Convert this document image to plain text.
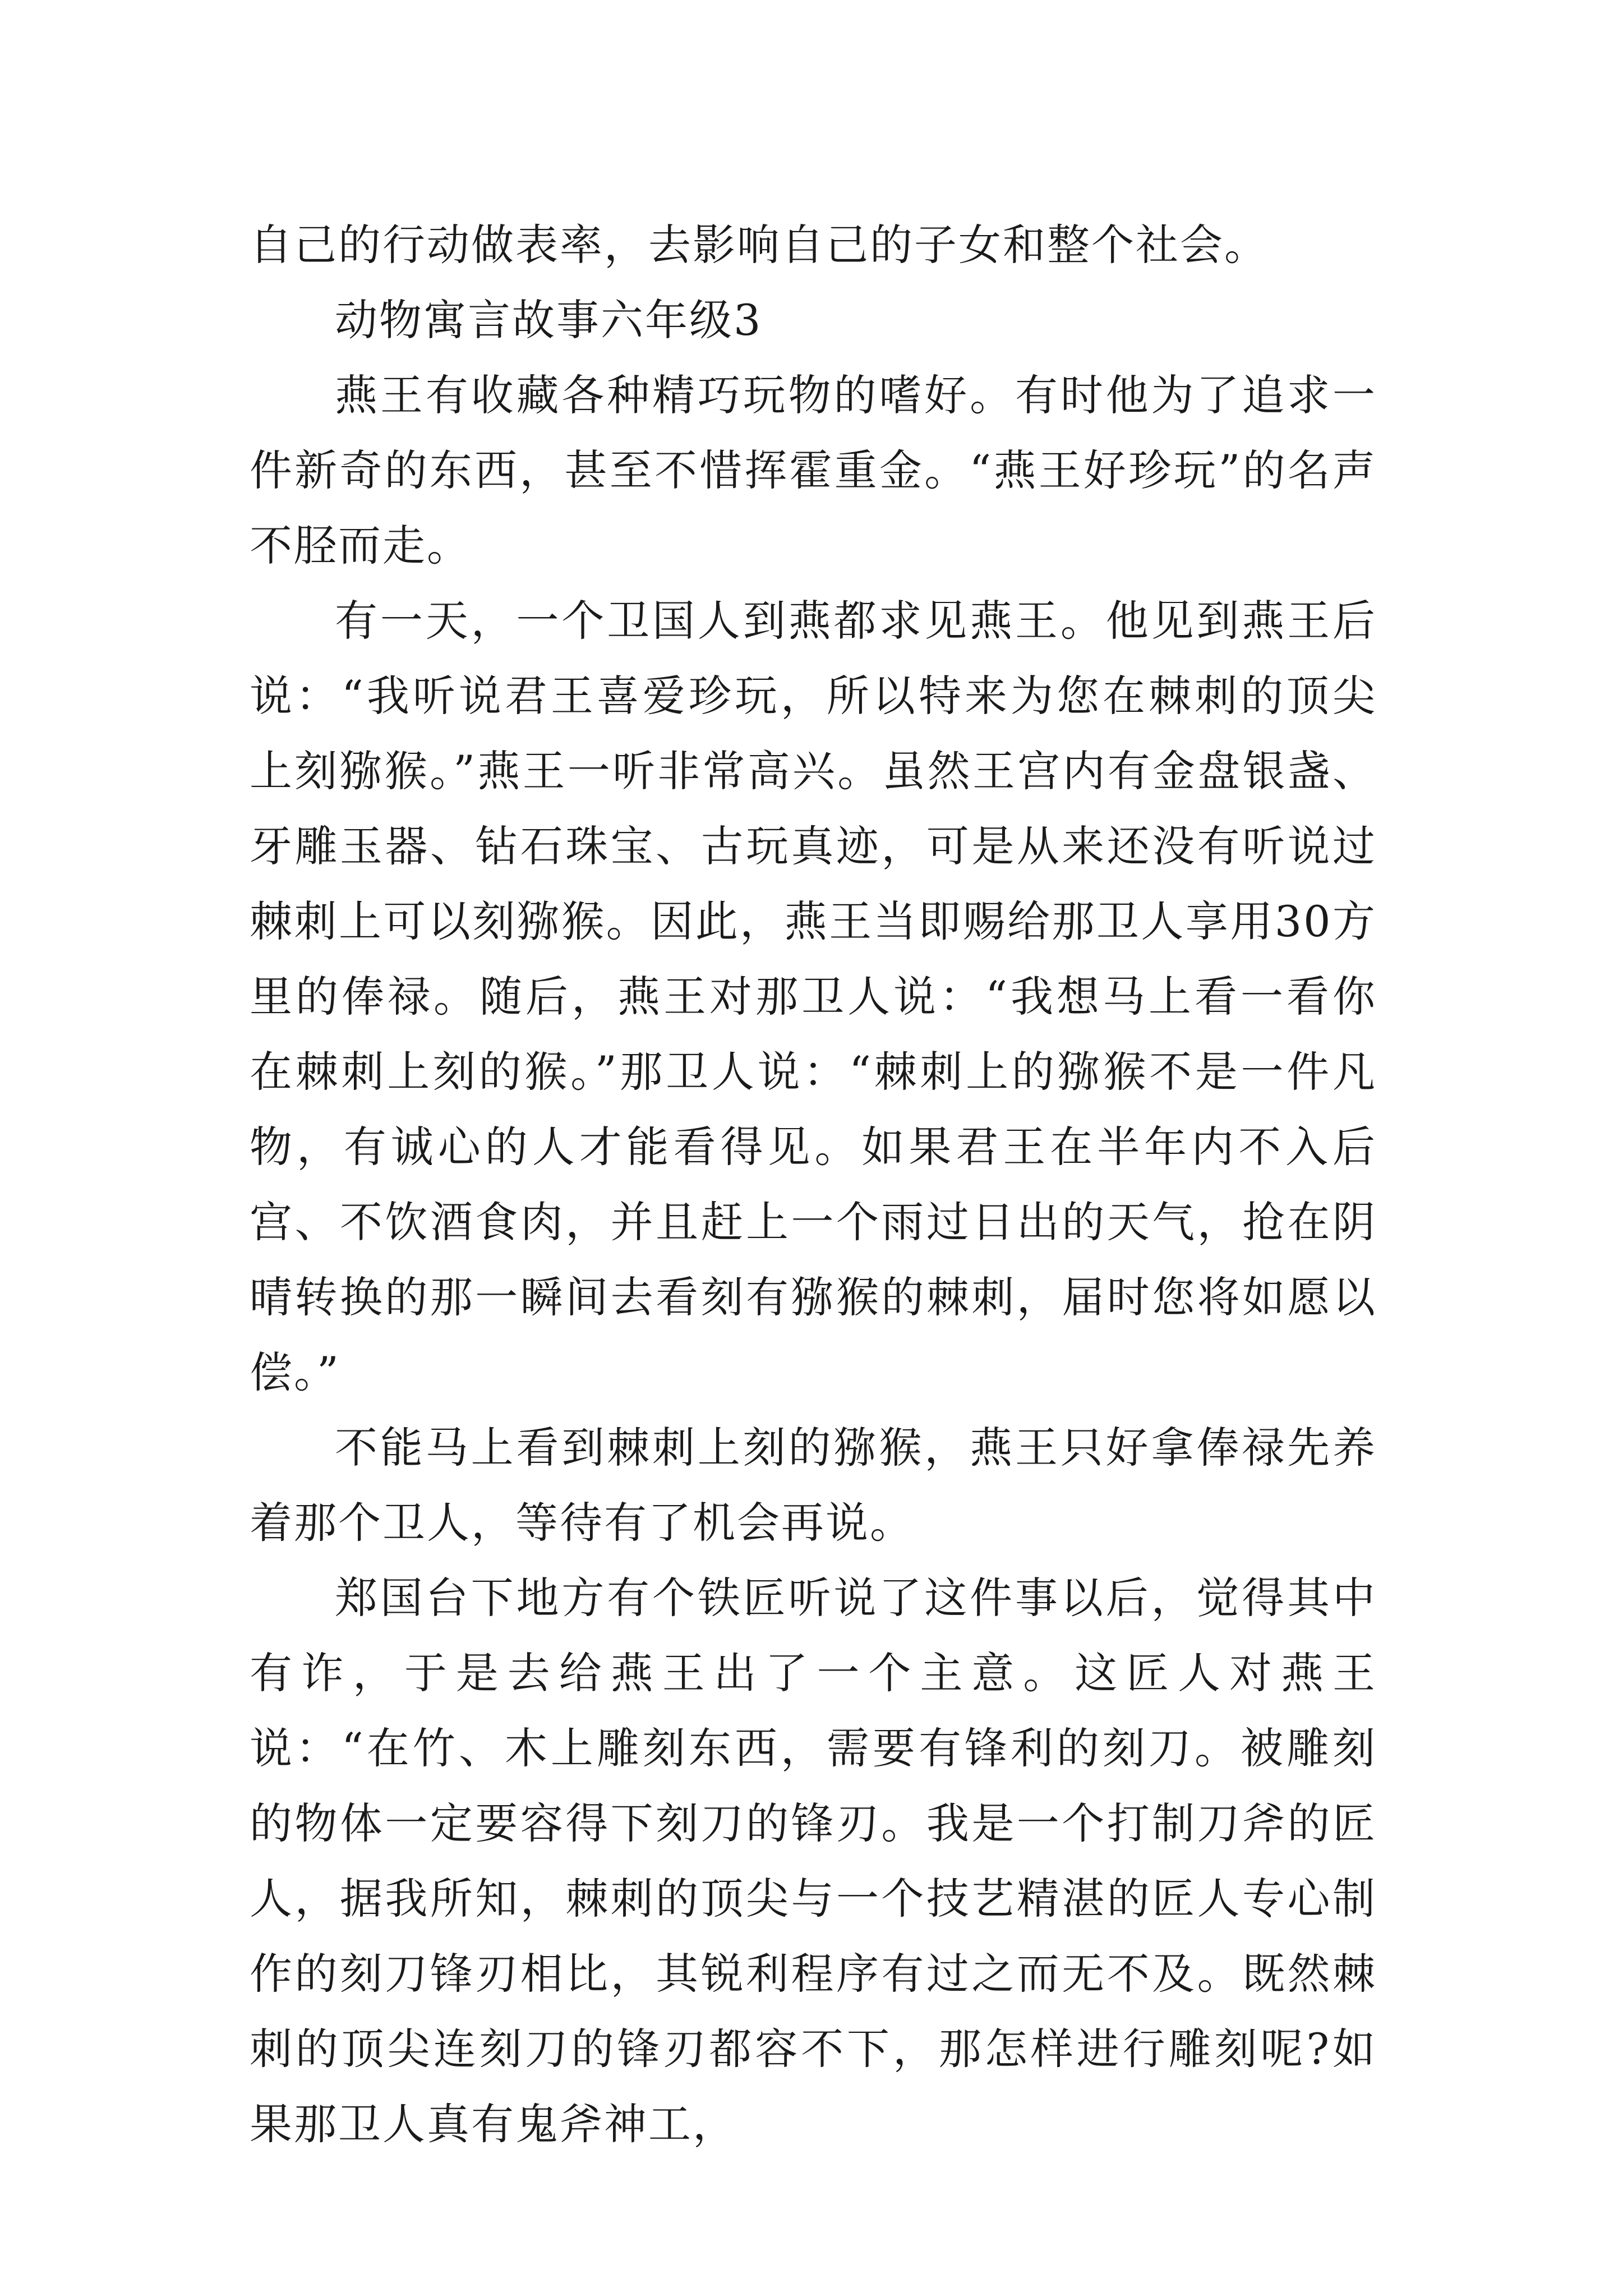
自己的行动做表率，去影响自己的子女和整个社会。

动物寓言故事六年级3

燕王有收藏各种精巧玩物的嗜好。有时他为了追求一件新奇的东西，甚至不惜挥霍重金。“燕王好珍玩”的名声不胫而走。

有一天，一个卫国人到燕都求见燕王。他见到燕王后说：“我听说君王喜爱珍玩，所以特来为您在棘刺的顶尖上刻猕猴。”燕王一听非常高兴。虽然王宫内有金盘银盏、牙雕玉器、钻石珠宝、古玩真迹，可是从来还没有听说过棘刺上可以刻猕猴。因此，燕王当即赐给那卫人享用30方里的俸禄。随后，燕王对那卫人说：“我想马上看一看你在棘刺上刻的猴。”那卫人说：“棘刺上的猕猴不是一件凡物，有诚心的人才能看得见。如果君王在半年内不入后宫、不饮酒食肉，并且赶上一个雨过日出的天气，抢在阴晴转换的那一瞬间去看刻有猕猴的棘刺，届时您将如愿以偿。”

不能马上看到棘刺上刻的猕猴，燕王只好拿俸禄先养着那个卫人，等待有了机会再说。

郑国台下地方有个铁匠听说了这件事以后，觉得其中有诈，于是去给燕王出了一个主意。这匠人对燕王说：“在竹、木上雕刻东西，需要有锋利的刻刀。被雕刻的物体一定要容得下刻刀的锋刃。我是一个打制刀斧的匠人，据我所知，棘刺的顶尖与一个技艺精湛的匠人专心制作的刻刀锋刃相比，其锐利程序有过之而无不及。既然棘刺的顶尖连刻刀的锋刃都容不下，那怎样进行雕刻呢?如果那卫人真有鬼斧神工，
